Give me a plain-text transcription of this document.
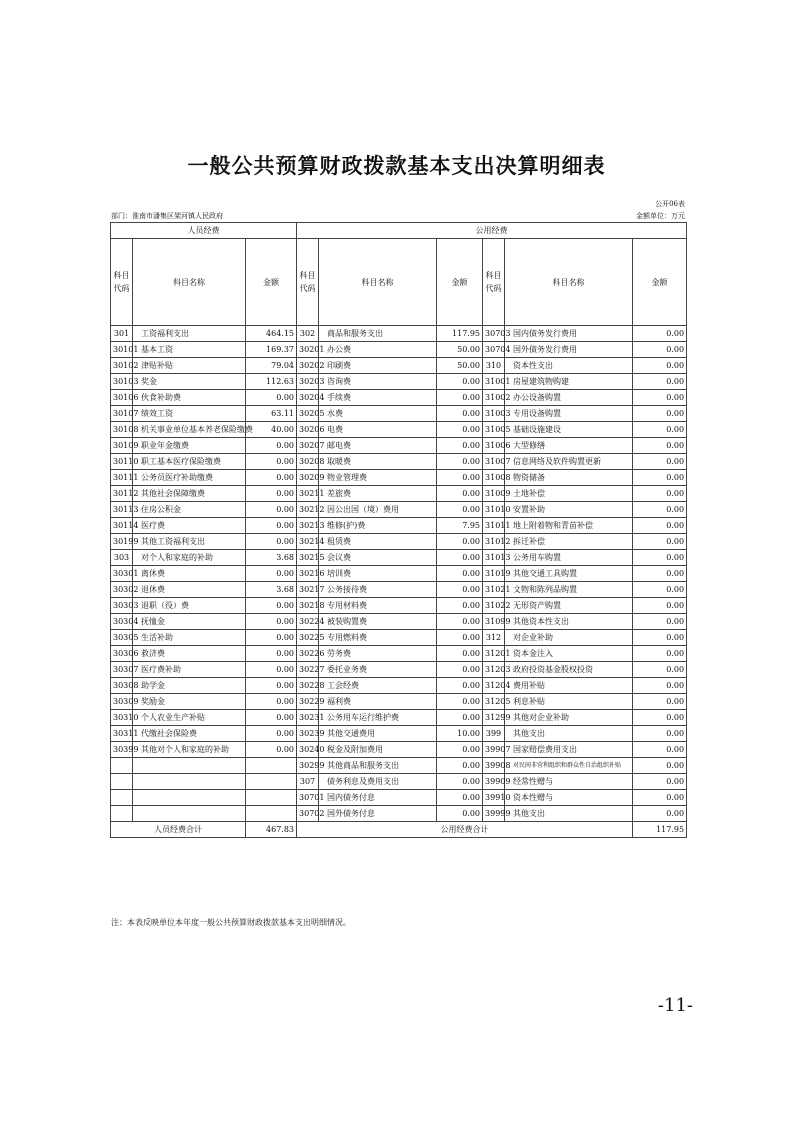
一般公共预算财政拨款基本支出决算明细表
公开06表
部门：淮南市潘集区架河镇人民政府	金额单位：万元
人员经费			公用经费					
科目代码	科目名称	金额	科目代码	科目名称	金额	科目代码	科目名称	金额
301	工资福利支出	464.15	302	商品和服务支出	117.95	30703	国内债务发行费用	0.00
30101	基本工资	169.37	30201	办公费	50.00	30704	国外债务发行费用	0.00
30102	津贴补贴	79.04	30202	印刷费	50.00	310	资本性支出	0.00
30103	奖金	112.63	30203	咨询费	0.00	31001	房屋建筑物购建	0.00
30106	伙食补助费	0.00	30204	手续费	0.00	31002	办公设备购置	0.00
30107	绩效工资	63.11	30205	水费	0.00	31003	专用设备购置	0.00
30108	机关事业单位基本养老保险缴费	40.00	30206	电费	0.00	31005	基础设施建设	0.00
30109	职业年金缴费	0.00	30207	邮电费	0.00	31006	大型修缮	0.00
30110	职工基本医疗保险缴费	0.00	30208	取暖费	0.00	31007	信息网络及软件购置更新	0.00
30111	公务员医疗补助缴费	0.00	30209	物业管理费	0.00	31008	物资储备	0.00
30112	其他社会保障缴费	0.00	30211	差旅费	0.00	31009	土地补偿	0.00
30113	住房公积金	0.00	30212	因公出国（境）费用	0.00	31010	安置补助	0.00
30114	医疗费	0.00	30213	维修(护)费	7.95	31011	地上附着物和青苗补偿	0.00
30199	其他工资福利支出	0.00	30214	租赁费	0.00	31012	拆迁补偿	0.00
303	对个人和家庭的补助	3.68	30215	会议费	0.00	31013	公务用车购置	0.00
30301	离休费	0.00	30216	培训费	0.00	31019	其他交通工具购置	0.00
30302	退休费	3.68	30217	公务接待费	0.00	31021	文物和陈列品购置	0.00
30303	退职（役）费	0.00	30218	专用材料费	0.00	31022	无形资产购置	0.00
30304	抚恤金	0.00	30224	被装购置费	0.00	31099	其他资本性支出	0.00
30305	生活补助	0.00	30225	专用燃料费	0.00	312	对企业补助	0.00
30306	救济费	0.00	30226	劳务费	0.00	31201	资本金注入	0.00
30307	医疗费补助	0.00	30227	委托业务费	0.00	31203	政府投资基金股权投资	0.00
30308	助学金	0.00	30228	工会经费	0.00	31204	费用补贴	0.00
30309	奖励金	0.00	30229	福利费	0.00	31205	利息补贴	0.00
30310	个人农业生产补贴	0.00	30231	公务用车运行维护费	0.00	31299	其他对企业补助	0.00
30311	代缴社会保险费	0.00	30239	其他交通费用	10.00	399	其他支出	0.00
30399	其他对个人和家庭的补助	0.00	30240	税金及附加费用	0.00	39907	国家赔偿费用支出	0.00
			30299	其他商品和服务支出	0.00	39908	对民间非营利组织和群众性自治组织补贴	0.00
			307	债务利息及费用支出	0.00	39909	经常性赠与	0.00
			30701	国内债务付息	0.00	39910	资本性赠与	0.00
			30702	国外债务付息	0.00	39999	其他支出	0.00
人员经费合计		467.83	公用经费合计					117.95
注：本表反映单位本年度一般公共预算财政拨款基本支出明细情况。
-11-
